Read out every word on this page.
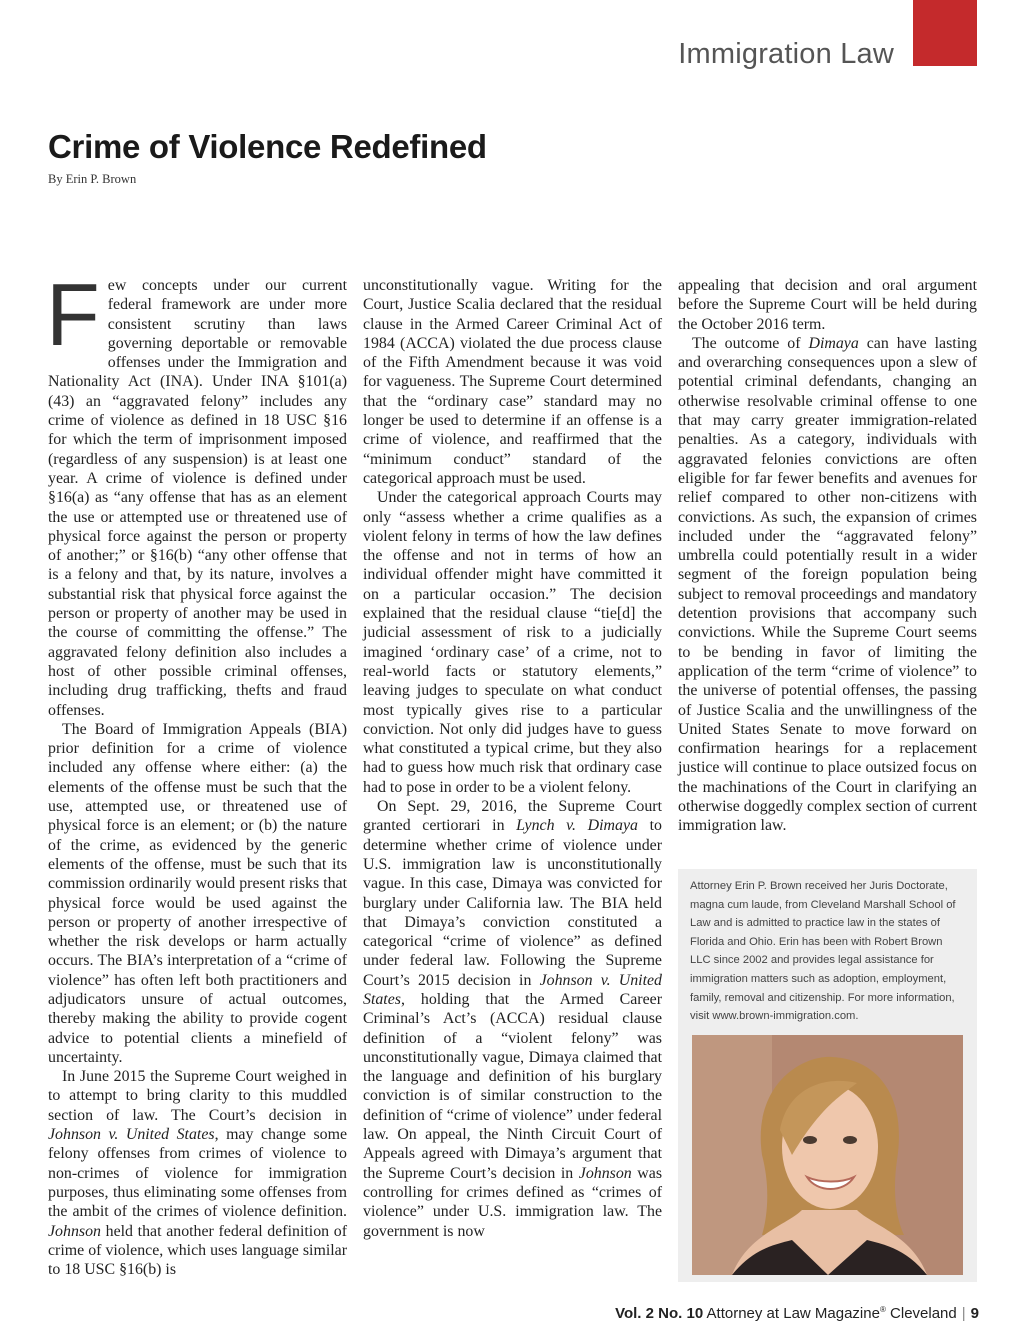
Immigration Law
Crime of Violence Redefined
By Erin P. Brown

Few concepts under our current federal framework are under more consistent scrutiny than laws governing deportable or removable offenses under the Immigration and Nationality Act (INA). Under INA §101(a)(43) an “aggravated felony” includes any crime of violence as defined in 18 USC §16 for which the term of imprisonment imposed (regardless of any suspension) is at least one year. A crime of violence is defined under §16(a) as “any offense that has as an element the use or attempted use or threatened use of physical force against the person or property of another;” or §16(b) “any other offense that is a felony and that, by its nature, involves a substantial risk that physical force against the person or property of another may be used in the course of committing the offense.” The aggravated felony definition also includes a host of other possible criminal offenses, including drug trafficking, thefts and fraud offenses.

The Board of Immigration Appeals (BIA) prior definition for a crime of violence included any offense where either: (a) the elements of the offense must be such that the use, attempted use, or threatened use of physical force is an element; or (b) the nature of the crime, as evidenced by the generic elements of the offense, must be such that its commission ordinarily would present risks that physical force would be used against the person or property of another irrespective of whether the risk develops or harm actually occurs. The BIA’s interpretation of a “crime of violence” has often left both practitioners and adjudicators unsure of actual outcomes, thereby making the ability to provide cogent advice to potential clients a minefield of uncertainty.

In June 2015 the Supreme Court weighed in to attempt to bring clarity to this muddled section of law. The Court’s decision in Johnson v. United States, may change some felony offenses from crimes of violence to non-crimes of violence for immigration purposes, thus eliminating some offenses from the ambit of the crimes of violence definition. Johnson held that another federal definition of crime of violence, which uses language similar to 18 USC §16(b) is

unconstitutionally vague. Writing for the Court, Justice Scalia declared that the residual clause in the Armed Career Criminal Act of 1984 (ACCA) violated the due process clause of the Fifth Amendment because it was void for vagueness. The Supreme Court determined that the “ordinary case” standard may no longer be used to determine if an offense is a crime of violence, and reaffirmed that the “minimum conduct” standard of the categorical approach must be used.

Under the categorical approach Courts may only “assess whether a crime qualifies as a violent felony in terms of how the law defines the offense and not in terms of how an individual offender might have committed it on a particular occasion.” The decision explained that the residual clause “tie[d] the judicial assessment of risk to a judicially imagined ‘ordinary case’ of a crime, not to real-world facts or statutory elements,” leaving judges to speculate on what conduct most typically gives rise to a particular conviction. Not only did judges have to guess what constituted a typical crime, but they also had to guess how much risk that ordinary case had to pose in order to be a violent felony.

On Sept. 29, 2016, the Supreme Court granted certiorari in Lynch v. Dimaya to determine whether crime of violence under U.S. immigration law is unconstitutionally vague. In this case, Dimaya was convicted for burglary under California law. The BIA held that Dimaya’s conviction constituted a categorical “crime of violence” as defined under federal law. Following the Supreme Court’s 2015 decision in Johnson v. United States, holding that the Armed Career Criminal’s Act’s (ACCA) residual clause definition of a “violent felony” was unconstitutionally vague, Dimaya claimed that the language and definition of his burglary conviction is of similar construction to the definition of “crime of violence” under federal law. On appeal, the Ninth Circuit Court of Appeals agreed with Dimaya’s argument that the Supreme Court’s decision in Johnson was controlling for crimes defined as “crimes of violence” under U.S. immigration law. The government is now

appealing that decision and oral argument before the Supreme Court will be held during the October 2016 term.

The outcome of Dimaya can have lasting and overarching consequences upon a slew of potential criminal defendants, changing an otherwise resolvable criminal offense to one that may carry greater immigration-related penalties. As a category, individuals with aggravated felonies convictions are often eligible for far fewer benefits and avenues for relief compared to other non-citizens with convictions. As such, the expansion of crimes included under the “aggravated felony” umbrella could potentially result in a wider segment of the foreign population being subject to removal proceedings and mandatory detention provisions that accompany such convictions. While the Supreme Court seems to be bending in favor of limiting the application of the term “crime of violence” to the universe of potential offenses, the passing of Justice Scalia and the unwillingness of the United States Senate to move forward on confirmation hearings for a replacement justice will continue to place outsized focus on the machinations of the Court in clarifying an otherwise doggedly complex section of current immigration law.

Attorney Erin P. Brown received her Juris Doctorate, magna cum laude, from Cleveland Marshall School of Law and is admitted to practice law in the states of Florida and Ohio. Erin has been with Robert Brown LLC since 2002 and provides legal assistance for immigration matters such as adoption, employment, family, removal and citizenship. For more information, visit www.brown-immigration.com.
Vol. 2 No. 10 Attorney at Law Magazine® Cleveland | 9
